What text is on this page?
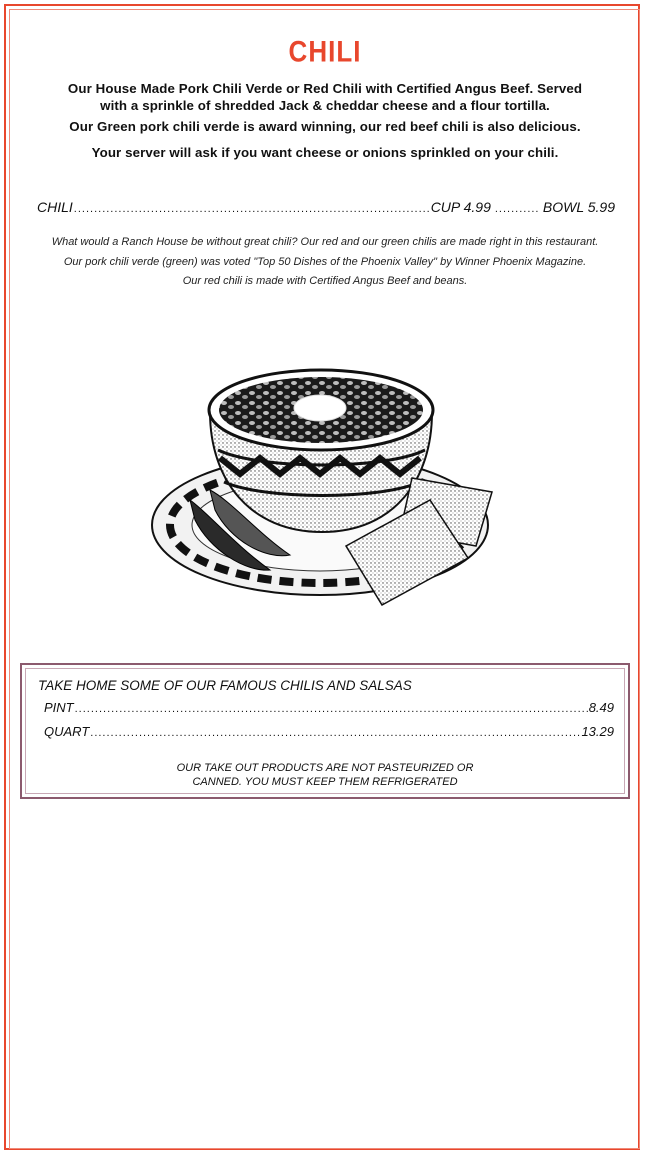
CHILI

Our House Made Pork Chili Verde or Red Chili with Certified Angus Beef. Served

with a sprinkle of shredded Jack & cheddar cheese and a flour tortilla.

Our Green pork chili verde is award winning, our red beef chili is also delicious.

Your server will ask if you want cheese or onions sprinkled on your chili.

CHILI .....	CUP 4.99 .....	BOWL 5.99

What would a Ranch House be without great chili? Our red and our green chilis are made right in this restaurant.

Our pork chili verde (green) was voted "Top 50 Dishes of the Phoenix Valley" by Winner Phoenix Magazine.

Our red chili is made with Certified Angus Beef and beans.

TAKE HOME SOME OF OUR FAMOUS CHILIS AND SALSAS
PINT .....	8.49
QUART .....	13.29

OUR TAKE OUT PRODUCTS ARE NOT PASTEURIZED OR

CANNED. YOU MUST KEEP THEM REFRIGERATED
